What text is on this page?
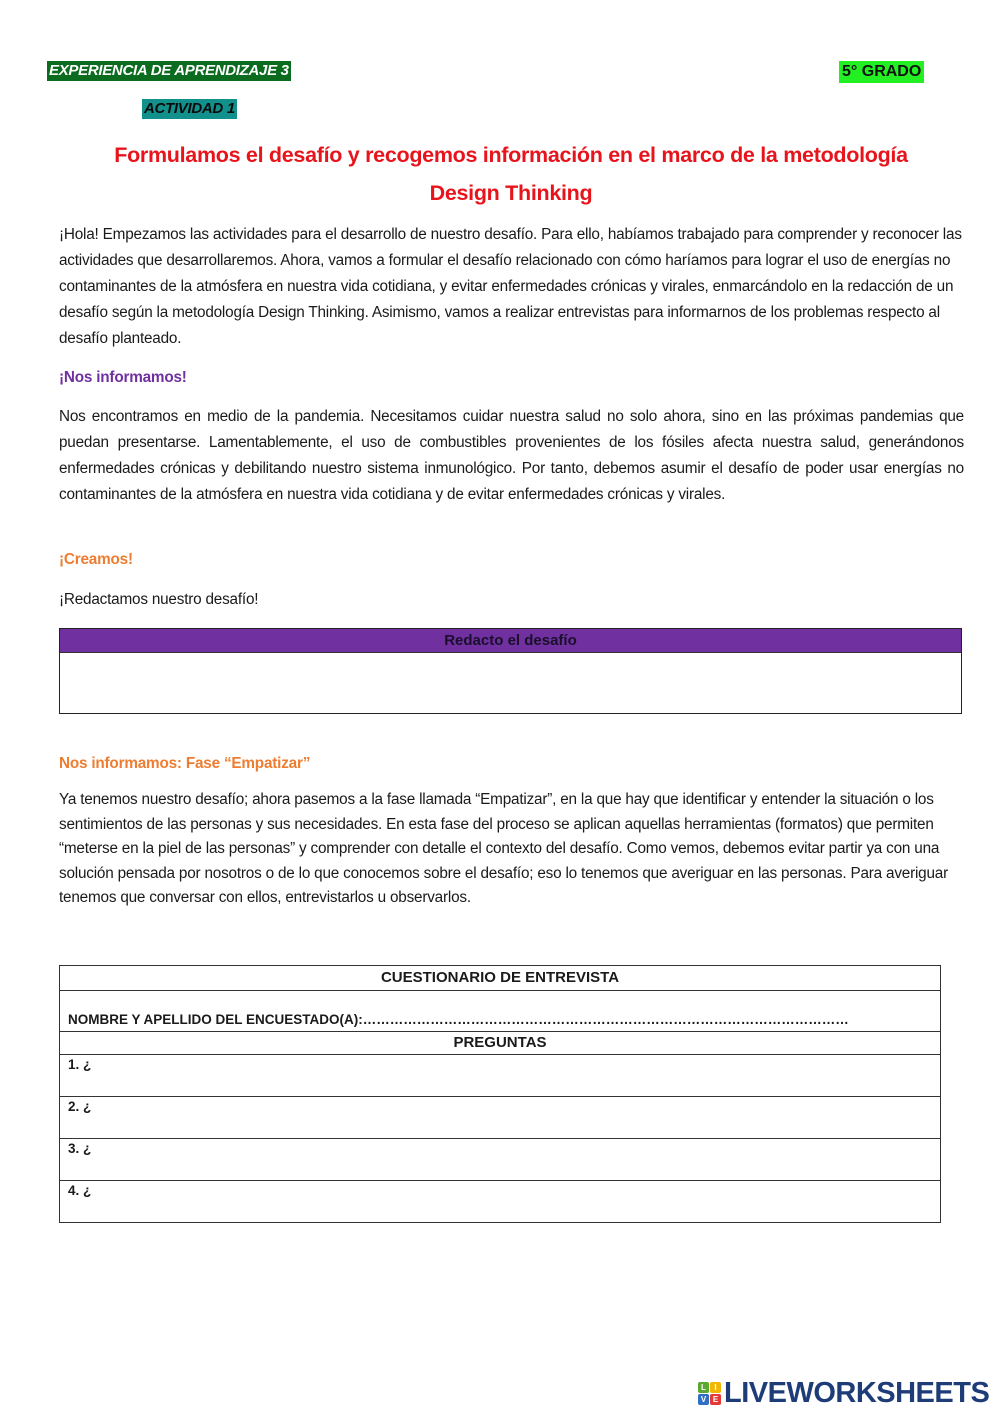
EXPERIENCIA DE APRENDIZAJE 3
ACTIVIDAD 1
5° GRADO
Formulamos el desafío y recogemos información en el marco de la metodología
Design Thinking
¡Hola! Empezamos las actividades para el desarrollo de nuestro desafío. Para ello, habíamos trabajado para comprender y reconocer las actividades que desarrollaremos. Ahora, vamos a formular el desafío relacionado con cómo haríamos para lograr el uso de energías no contaminantes de la atmósfera en nuestra vida cotidiana, y evitar enfermedades crónicas y virales, enmarcándolo en la redacción de un desafío según la metodología Design Thinking. Asimismo, vamos a realizar entrevistas para informarnos de los problemas respecto al desafío planteado.
¡Nos informamos!
Nos encontramos en medio de la pandemia. Necesitamos cuidar nuestra salud no solo ahora, sino en las próximas pandemias que puedan presentarse. Lamentablemente, el uso de combustibles provenientes de los fósiles afecta nuestra salud, generándonos enfermedades crónicas y debilitando nuestro sistema inmunológico. Por tanto, debemos asumir el desafío de poder usar energías no contaminantes de la atmósfera en nuestra vida cotidiana y de evitar enfermedades crónicas y virales.
¡Creamos!
¡Redactamos nuestro desafío!
Redacto el desafío
Nos informamos: Fase “Empatizar”
Ya tenemos nuestro desafío; ahora pasemos a la fase llamada “Empatizar”, en la que hay que identificar y entender la situación o los sentimientos de las personas y sus necesidades. En esta fase del proceso se aplican aquellas herramientas (formatos) que permiten “meterse en la piel de las personas” y comprender con detalle el contexto del desafío. Como vemos, debemos evitar partir ya con una solución pensada por nosotros o de lo que conocemos sobre el desafío; eso lo tenemos que averiguar en las personas. Para averiguar tenemos que conversar con ellos, entrevistarlos u observarlos.
CUESTIONARIO DE ENTREVISTA
NOMBRE Y APELLIDO DEL ENCUESTADO(A):………………………………………………………………………………………………
PREGUNTAS
1. ¿
2. ¿
3. ¿
4. ¿
L	I
V E LIVEWORKSHEETS
